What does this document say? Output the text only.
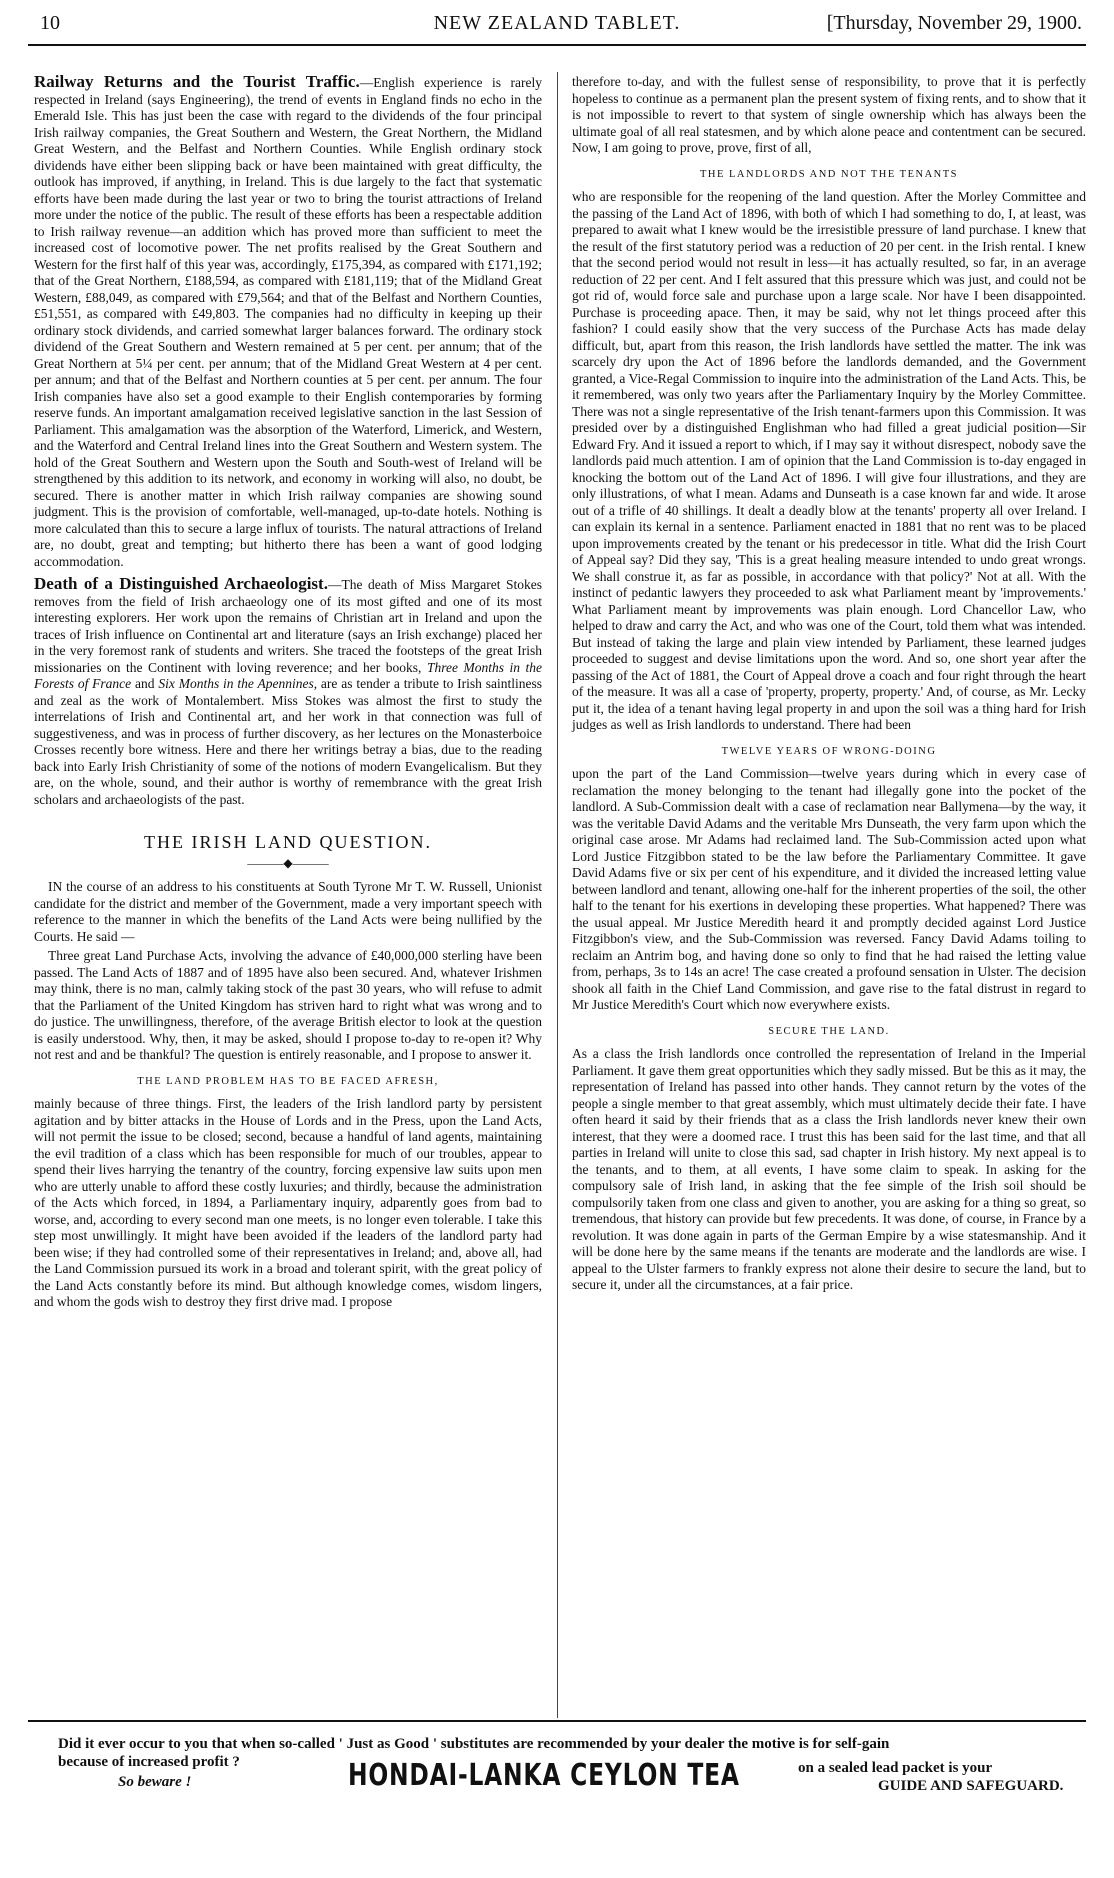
10	NEW ZEALAND TABLET.	[Thursday, November 29, 1900.

Railway Returns and the Tourist Traffic.—English experience is rarely respected in Ireland (says Engineering), the trend of events in England finds no echo in the Emerald Isle. This has just been the case with regard to the dividends of the four principal Irish railway companies, the Great Southern and Western, the Great Northern, the Midland Great Western, and the Belfast and Northern Counties. While English ordinary stock dividends have either been slipping back or have been maintained with great difficulty, the outlook has improved, if anything, in Ireland. This is due largely to the fact that systematic efforts have been made during the last year or two to bring the tourist attractions of Ireland more under the notice of the public. The result of these efforts has been a respectable addition to Irish railway revenue—an addition which has proved more than sufficient to meet the increased cost of locomotive power. The net profits realised by the Great Southern and Western for the first half of this year was, accordingly, £175,394, as compared with £171,192; that of the Great Northern, £188,594, as compared with £181,119; that of the Midland Great Western, £88,049, as compared with £79,564; and that of the Belfast and Northern Counties, £51,551, as compared with £49,803. The companies had no difficulty in keeping up their ordinary stock dividends, and carried somewhat larger balances forward. The ordinary stock dividend of the Great Southern and Western remained at 5 per cent. per annum; that of the Great Northern at 5¼ per cent. per annum; that of the Midland Great Western at 4 per cent. per annum; and that of the Belfast and Northern counties at 5 per cent. per annum. The four Irish companies have also set a good example to their English contemporaries by forming reserve funds. An important amalgamation received legislative sanction in the last Session of Parliament. This amalgamation was the absorption of the Waterford, Limerick, and Western, and the Waterford and Central Ireland lines into the Great Southern and Western system. The hold of the Great Southern and Western upon the South and South-west of Ireland will be strengthened by this addition to its network, and economy in working will also, no doubt, be secured. There is another matter in which Irish railway companies are showing sound judgment. This is the provision of comfortable, well-managed, up-to-date hotels. Nothing is more calculated than this to secure a large influx of tourists. The natural attractions of Ireland are, no doubt, great and tempting; but hitherto there has been a want of good lodging accommodation.

Death of a Distinguished Archaeologist.—The death of Miss Margaret Stokes removes from the field of Irish archaeology one of its most gifted and one of its most interesting explorers. Her work upon the remains of Christian art in Ireland and upon the traces of Irish influence on Continental art and literature (says an Irish exchange) placed her in the very foremost rank of students and writers. She traced the footsteps of the great Irish missionaries on the Continent with loving reverence; and her books, Three Months in the Forests of France and Six Months in the Apennines, are as tender a tribute to Irish saintliness and zeal as the work of Montalembert. Miss Stokes was almost the first to study the interrelations of Irish and Continental art, and her work in that connection was full of suggestiveness, and was in process of further discovery, as her lectures on the Monasterboice Crosses recently bore witness. Here and there her writings betray a bias, due to the reading back into Early Irish Christianity of some of the notions of modern Evangelicalism. But they are, on the whole, sound, and their author is worthy of remembrance with the great Irish scholars and archaeologists of the past.

THE IRISH LAND QUESTION.
———◆———

IN the course of an address to his constituents at South Tyrone Mr T. W. Russell, Unionist candidate for the district and member of the Government, made a very important speech with reference to the manner in which the benefits of the Land Acts were being nullified by the Courts. He said —

Three great Land Purchase Acts, involving the advance of £40,000,000 sterling have been passed. The Land Acts of 1887 and of 1895 have also been secured. And, whatever Irishmen may think, there is no man, calmly taking stock of the past 30 years, who will refuse to admit that the Parliament of the United Kingdom has striven hard to right what was wrong and to do justice. The unwillingness, therefore, of the average British elector to look at the question is easily understood. Why, then, it may be asked, should I propose to-day to re-open it? Why not rest and and be thankful? The question is entirely reasonable, and I propose to answer it.

THE LAND PROBLEM HAS TO BE FACED AFRESH,

mainly because of three things. First, the leaders of the Irish landlord party by persistent agitation and by bitter attacks in the House of Lords and in the Press, upon the Land Acts, will not permit the issue to be closed; second, because a handful of land agents, maintaining the evil tradition of a class which has been responsible for much of our troubles, appear to spend their lives harrying the tenantry of the country, forcing expensive law suits upon men who are utterly unable to afford these costly luxuries; and thirdly, because the administration of the Acts which forced, in 1894, a Parliamentary inquiry, adparently goes from bad to worse, and, according to every second man one meets, is no longer even tolerable. I take this step most unwillingly. It might have been avoided if the leaders of the landlord party had been wise; if they had controlled some of their representatives in Ireland; and, above all, had the Land Commission pursued its work in a broad and tolerant spirit, with the great policy of the Land Acts constantly before its mind. But although knowledge comes, wisdom lingers, and whom the gods wish to destroy they first drive mad. I propose

therefore to-day, and with the fullest sense of responsibility, to prove that it is perfectly hopeless to continue as a permanent plan the present system of fixing rents, and to show that it is not impossible to revert to that system of single ownership which has always been the ultimate goal of all real statesmen, and by which alone peace and contentment can be secured. Now, I am going to prove, prove, first of all,

THE LANDLORDS AND NOT THE TENANTS

who are responsible for the reopening of the land question. After the Morley Committee and the passing of the Land Act of 1896, with both of which I had something to do, I, at least, was prepared to await what I knew would be the irresistible pressure of land purchase. I knew that the result of the first statutory period was a reduction of 20 per cent. in the Irish rental. I knew that the second period would not result in less—it has actually resulted, so far, in an average reduction of 22 per cent. And I felt assured that this pressure which was just, and could not be got rid of, would force sale and purchase upon a large scale. Nor have I been disappointed. Purchase is proceeding apace. Then, it may be said, why not let things proceed after this fashion? I could easily show that the very success of the Purchase Acts has made delay difficult, but, apart from this reason, the Irish landlords have settled the matter. The ink was scarcely dry upon the Act of 1896 before the landlords demanded, and the Government granted, a Vice-Regal Commission to inquire into the administration of the Land Acts. This, be it remembered, was only two years after the Parliamentary Inquiry by the Morley Committee. There was not a single representative of the Irish tenant-farmers upon this Commission. It was presided over by a distinguished Englishman who had filled a great judicial position—Sir Edward Fry. And it issued a report to which, if I may say it without disrespect, nobody save the landlords paid much attention. I am of opinion that the Land Commission is to-day engaged in knocking the bottom out of the Land Act of 1896. I will give four illustrations, and they are only illustrations, of what I mean. Adams and Dunseath is a case known far and wide. It arose out of a trifle of 40 shillings. It dealt a deadly blow at the tenants' property all over Ireland. I can explain its kernal in a sentence. Parliament enacted in 1881 that no rent was to be placed upon improvements created by the tenant or his predecessor in title. What did the Irish Court of Appeal say? Did they say, 'This is a great healing measure intended to undo great wrongs. We shall construe it, as far as possible, in accordance with that policy?' Not at all. With the instinct of pedantic lawyers they proceeded to ask what Parliament meant by 'improvements.' What Parliament meant by improvements was plain enough. Lord Chancellor Law, who helped to draw and carry the Act, and who was one of the Court, told them what was intended. But instead of taking the large and plain view intended by Parliament, these learned judges proceeded to suggest and devise limitations upon the word. And so, one short year after the passing of the Act of 1881, the Court of Appeal drove a coach and four right through the heart of the measure. It was all a case of 'property, property, property.' And, of course, as Mr. Lecky put it, the idea of a tenant having legal property in and upon the soil was a thing hard for Irish judges as well as Irish landlords to understand. There had been

TWELVE YEARS OF WRONG-DOING

upon the part of the Land Commission—twelve years during which in every case of reclamation the money belonging to the tenant had illegally gone into the pocket of the landlord. A Sub-Commission dealt with a case of reclamation near Ballymena—by the way, it was the veritable David Adams and the veritable Mrs Dunseath, the very farm upon which the original case arose. Mr Adams had reclaimed land. The Sub-Commission acted upon what Lord Justice Fitzgibbon stated to be the law before the Parliamentary Committee. It gave David Adams five or six per cent of his expenditure, and it divided the increased letting value between landlord and tenant, allowing one-half for the inherent properties of the soil, the other half to the tenant for his exertions in developing these properties. What happened? There was the usual appeal. Mr Justice Meredith heard it and promptly decided against Lord Justice Fitzgibbon's view, and the Sub-Commission was reversed. Fancy David Adams toiling to reclaim an Antrim bog, and having done so only to find that he had raised the letting value from, perhaps, 3s to 14s an acre! The case created a profound sensation in Ulster. The decision shook all faith in the Chief Land Commission, and gave rise to the fatal distrust in regard to Mr Justice Meredith's Court which now everywhere exists.

SECURE THE LAND.

As a class the Irish landlords once controlled the representation of Ireland in the Imperial Parliament. It gave them great opportunities which they sadly missed. But be this as it may, the representation of Ireland has passed into other hands. They cannot return by the votes of the people a single member to that great assembly, which must ultimately decide their fate. I have often heard it said by their friends that as a class the Irish landlords never knew their own interest, that they were a doomed race. I trust this has been said for the last time, and that all parties in Ireland will unite to close this sad, sad chapter in Irish history. My next appeal is to the tenants, and to them, at all events, I have some claim to speak. In asking for the compulsory sale of Irish land, in asking that the fee simple of the Irish soil should be compulsorily taken from one class and given to another, you are asking for a thing so great, so tremendous, that history can provide but few precedents. It was done, of course, in France by a revolution. It was done again in parts of the German Empire by a wise statesmanship. And it will be done here by the same means if the tenants are moderate and the landlords are wise. I appeal to the Ulster farmers to frankly express not alone their desire to secure the land, but to secure it, under all the circumstances, at a fair price.

Did it ever occur to you that when so-called ' Just as Good ' substitutes are recommended by your dealer the motive is for self-gain
because of increased profit ?
So beware !	HONDAI-LANKA CEYLON TEA	on a sealed lead packet is your
GUIDE AND SAFEGUARD.
